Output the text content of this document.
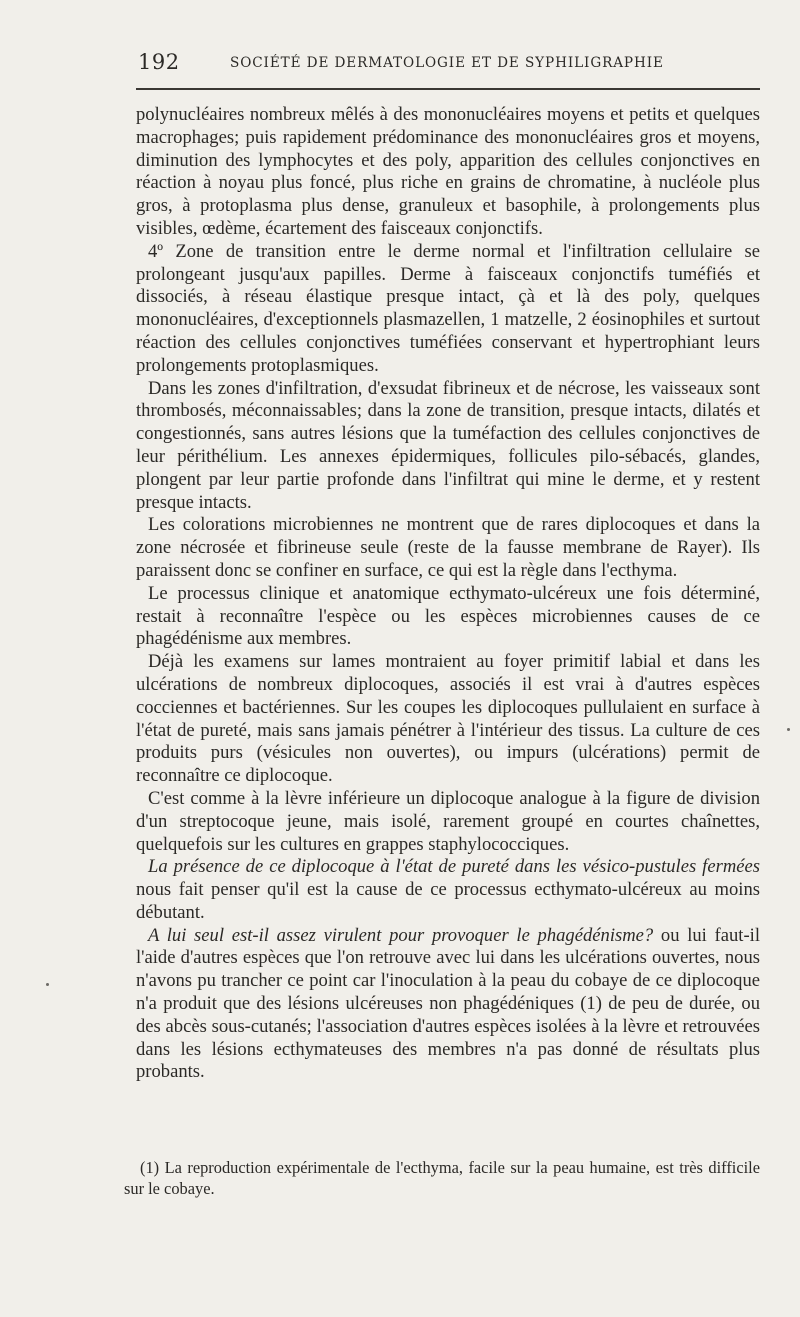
192	SOCIÉTÉ DE DERMATOLOGIE ET DE SYPHILIGRAPHIE

polynucléaires nombreux mêlés à des mononucléaires moyens et petits et quelques macrophages; puis rapidement prédominance des mononucléaires gros et moyens, diminution des lymphocytes et des poly, apparition des cellules conjonctives en réaction à noyau plus foncé, plus riche en grains de chromatine, à nucléole plus gros, à protoplasma plus dense, granuleux et basophile, à prolongements plus visibles, œdème, écartement des faisceaux conjonctifs.

4º Zone de transition entre le derme normal et l'infiltration cellulaire se prolongeant jusqu'aux papilles. Derme à faisceaux conjonctifs tuméfiés et dissociés, à réseau élastique presque intact, çà et là des poly, quelques mononucléaires, d'exceptionnels plasmazellen, 1 matzelle, 2 éosinophiles et surtout réaction des cellules conjonctives tuméfiées conservant et hypertrophiant leurs prolongements protoplasmiques.

Dans les zones d'infiltration, d'exsudat fibrineux et de nécrose, les vaisseaux sont thrombosés, méconnaissables; dans la zone de transition, presque intacts, dilatés et congestionnés, sans autres lésions que la tuméfaction des cellules conjonctives de leur périthélium. Les annexes épidermiques, follicules pilo-sébacés, glandes, plongent par leur partie profonde dans l'infiltrat qui mine le derme, et y restent presque intacts.

Les colorations microbiennes ne montrent que de rares diplocoques et dans la zone nécrosée et fibrineuse seule (reste de la fausse membrane de Rayer). Ils paraissent donc se confiner en surface, ce qui est la règle dans l'ecthyma.

Le processus clinique et anatomique ecthymato-ulcéreux une fois déterminé, restait à reconnaître l'espèce ou les espèces microbiennes causes de ce phagédénisme aux membres.

Déjà les examens sur lames montraient au foyer primitif labial et dans les ulcérations de nombreux diplocoques, associés il est vrai à d'autres espèces cocciennes et bactériennes. Sur les coupes les diplocoques pullulaient en surface à l'état de pureté, mais sans jamais pénétrer à l'intérieur des tissus. La culture de ces produits purs (vésicules non ouvertes), ou impurs (ulcérations) permit de reconnaître ce diplocoque.

C'est comme à la lèvre inférieure un diplocoque analogue à la figure de division d'un streptocoque jeune, mais isolé, rarement groupé en courtes chaînettes, quelquefois sur les cultures en grappes staphylococciques.

La présence de ce diplocoque à l'état de pureté dans les vésico-pustules fermées nous fait penser qu'il est la cause de ce processus ecthymato-ulcéreux au moins débutant.

A lui seul est-il assez virulent pour provoquer le phagédénisme? ou lui faut-il l'aide d'autres espèces que l'on retrouve avec lui dans les ulcérations ouvertes, nous n'avons pu trancher ce point car l'inoculation à la peau du cobaye de ce diplocoque n'a produit que des lésions ulcéreuses non phagédéniques (1) de peu de durée, ou des abcès sous-cutanés; l'association d'autres espèces isolées à la lèvre et retrouvées dans les lésions ecthymateuses des membres n'a pas donné de résultats plus probants.

(1) La reproduction expérimentale de l'ecthyma, facile sur la peau humaine, est très difficile sur le cobaye.
